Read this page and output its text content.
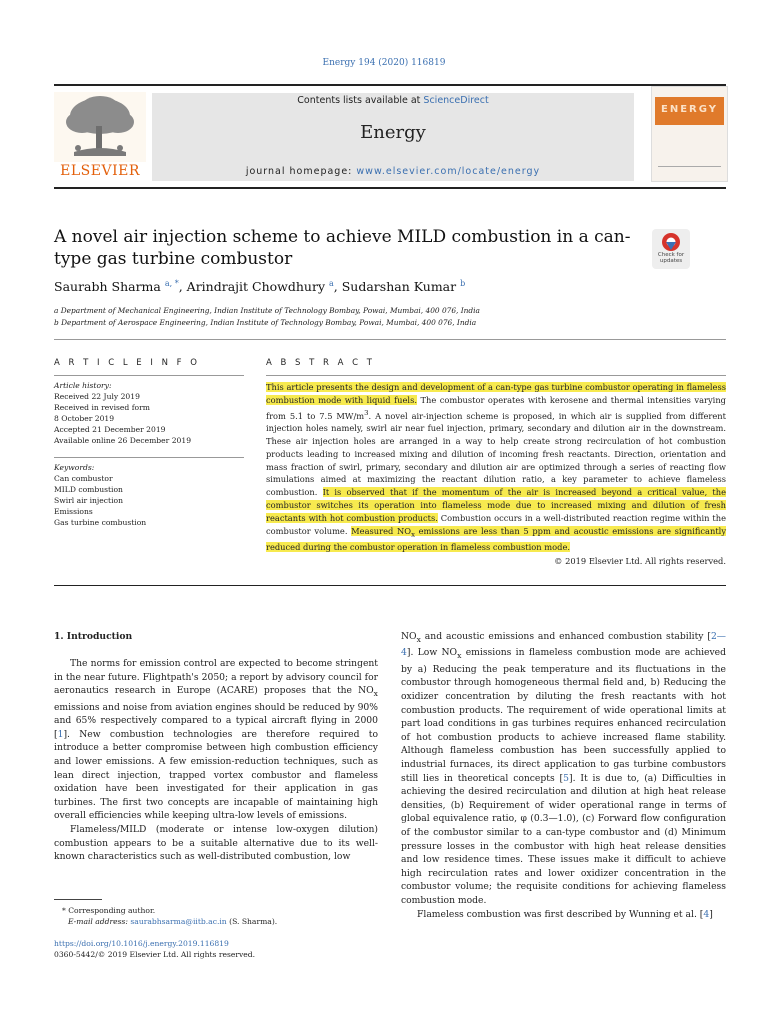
Energy 194 (2020) 116819
ELSEVIER
Contents lists available at ScienceDirect
Energy
journal homepage: www.elsevier.com/locate/energy
ENERGY
A novel air injection scheme to achieve MILD combustion in a can-type gas turbine combustor	Check for
updates
Saurabh Sharma $^{a, *}$, Arindrajit Chowdhury $^a$, Sudarshan Kumar $^b$
a Department of Mechanical Engineering, Indian Institute of Technology Bombay, Powai, Mumbai, 400 076, India
b Department of Aerospace Engineering, Indian Institute of Technology Bombay, Powai, Mumbai, 400 076, India
A R T I C L E I N F O
Article history:
Received 22 July 2019
Received in revised form
8 October 2019
Accepted 21 December 2019
Available online 26 December 2019
Keywords:
Can combustor
MILD combustion
Swirl air injection
Emissions
Gas turbine combustion
A B S T R A C T
This article presents the design and development of a can-type gas turbine combustor operating in flameless combustion mode with liquid fuels. The combustor operates with kerosene and thermal intensities varying from 5.1 to 7.5 $MW/m^3$. A novel air-injection scheme is proposed, in which air is supplied from different injection holes namely, swirl air near fuel injection, primary, secondary and dilution air in the downstream. These air injection holes are arranged in a way to help create strong recirculation of hot combustion products leading to increased mixing and dilution of incoming fresh reactants. Direction, orientation and mass fraction of swirl, primary, secondary and dilution air are optimized through a series of reacting flow simulations aimed at maximizing the reactant dilution ratio, a key parameter to achieve flameless combustion. It is observed that if the momentum of the air is increased beyond a critical value, the combustor switches its operation into flameless mode due to increased mixing and dilution of fresh reactants with hot combustion products. Combustion occurs in a well-distributed reaction regime within the combustor volume. Measured $NO_x$ emissions are less than 5 ppm and acoustic emissions are significantly reduced during the combustor operation in flameless combustion mode.
© 2019 Elsevier Ltd. All rights reserved.
1. Introduction

The norms for emission control are expected to become stringent in the near future. Flightpath's 2050; a report by advisory council for aeronautics research in Europe (ACARE) proposes that the $NO_x$ emissions and noise from aviation engines should be reduced by 90% and 65% respectively compared to a typical aircraft flying in 2000 [1]. New combustion technologies are therefore required to introduce a better compromise between high combustion efficiency and lower emissions. A few emission-reduction techniques, such as lean direct injection, trapped vortex combustor and flameless oxidation have been investigated for their application in gas turbines. The first two concepts are incapable of maintaining high overall efficiencies while keeping ultra-low levels of emissions.

Flameless/MILD (moderate or intense low-oxygen dilution) combustion appears to be a suitable alternative due to its well-known characteristics such as well-distributed combustion, low

$NO_x$ and acoustic emissions and enhanced combustion stability [2—4]. Low $NO_x$ emissions in flameless combustion mode are achieved by a) Reducing the peak temperature and its fluctuations in the combustor through homogeneous thermal field and, b) Reducing the oxidizer concentration by diluting the fresh reactants with hot combustion products. The requirement of wide operational limits at part load conditions in gas turbines requires enhanced recirculation of hot combustion products to achieve increased flame stability. Although flameless combustion has been successfully applied to industrial furnaces, its direct application to gas turbine combustors still lies in theoretical concepts [5]. It is due to, (a) Difficulties in achieving the desired recirculation and dilution at high heat release densities, (b) Requirement of wider operational range in terms of global equivalence ratio, φ (0.3—1.0), (c) Forward flow configuration of the combustor similar to a can-type combustor and (d) Minimum pressure losses in the combustor with high heat release densities and low residence times. These issues make it difficult to achieve high recirculation rates and lower oxidizer concentration in the combustor volume; the requisite conditions for achieving flameless combustion mode.

Flameless combustion was first described by Wunning et al. [4]

* Corresponding author.
E-mail address: saurabhsarma@iitb.ac.in (S. Sharma).
https://doi.org/10.1016/j.energy.2019.116819
0360-5442/© 2019 Elsevier Ltd. All rights reserved.
